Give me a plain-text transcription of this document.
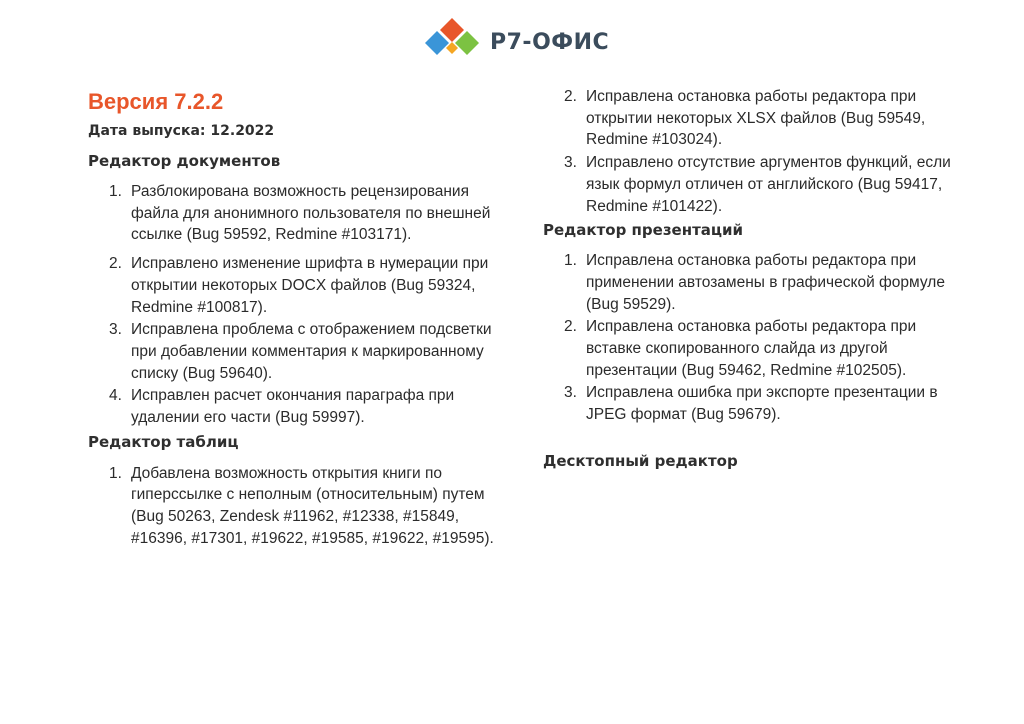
Р7-ОФИС
Версия 7.2.2
Дата выпуска: 12.2022
Редактор документов
1. Разблокирована возможность рецензирования файла для анонимного пользователя по внешней ссылке (Bug 59592, Redmine #103171).
2. Исправлено изменение шрифта в нумерации при открытии некоторых DOCX файлов (Bug 59324, Redmine #100817).
3. Исправлена проблема с отображением подсветки при добавлении комментария к маркированному списку (Bug 59640).
4. Исправлен расчет окончания параграфа при удалении его части (Bug 59997).
Редактор таблиц
1. Добавлена возможность открытия книги по гиперссылке с неполным (относительным) путем (Bug 50263, Zendesk #11962, #12338, #15849, #16396, #17301, #19622, #19585, #19622, #19595).
2. Исправлена остановка работы редактора при открытии некоторых XLSX файлов (Bug 59549, Redmine #103024).
3. Исправлено отсутствие аргументов функций, если язык формул отличен от английского (Bug 59417, Redmine #101422).
Редактор презентаций
1. Исправлена остановка работы редактора при применении автозамены в графической формуле (Bug 59529).
2. Исправлена остановка работы редактора при вставке скопированного слайда из другой презентации (Bug 59462, Redmine #102505).
3. Исправлена ошибка при экспорте презентации в JPEG формат (Bug 59679).
Десктопный редактор
